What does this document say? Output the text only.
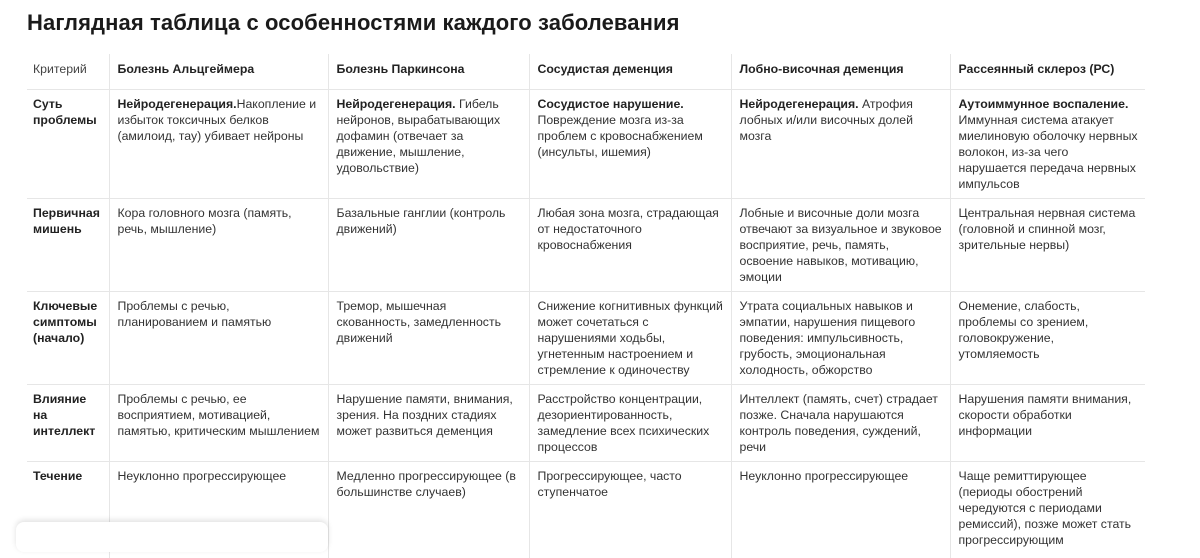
Наглядная таблица с особенностями каждого заболевания
Критерий	Болезнь Альцгеймера	Болезнь Паркинсона	Сосудистая деменция	Лобно-височная деменция	Рассеянный склероз (РС)
Суть проблемы	Нейродегенерация.Накопление и избыток токсичных белков (амилоид, тау) убивает нейроны	Нейродегенерация. Гибель нейронов, вырабатывающих дофамин (отвечает за движение, мышление, удовольствие)	Сосудистое нарушение. Повреждение мозга из-за проблем с кровоснабжением (инсульты, ишемия)	Нейродегенерация. Атрофия лобных и/или височных долей мозга	Аутоиммунное воспаление. Иммунная система атакует миелиновую оболочку нервных волокон, из-за чего нарушается передача нервных импульсов
Первичная мишень	Кора головного мозга (память, речь, мышление)	Базальные ганглии (контроль движений)	Любая зона мозга, страдающая от недостаточного кровоснабжения	Лобные и височные доли мозга отвечают за визуальное и звуковое восприятие, речь, память, освоение навыков, мотивацию, эмоции	Центральная нервная система (головной и спинной мозг, зрительные нервы)
Ключевые симптомы (начало)	Проблемы с речью, планированием и памятью	Тремор, мышечная скованность, замедленность движений	Снижение когнитивных функций может сочетаться с нарушениями ходьбы, угнетенным настроением и стремление к одиночеству	Утрата социальных навыков и эмпатии, нарушения пищевого поведения: импульсивность, грубость, эмоциональная холодность, обжорство	Онемение, слабость, проблемы со зрением, головокружение, утомляемость
Влияние на интеллект	Проблемы с речью, ее восприятием, мотивацией, памятью, критическим мышлением	Нарушение памяти, внимания, зрения. На поздних стадиях может развиться деменция	Расстройство концентрации, дезориентированность, замедление всех психических процессов	Интеллект (память, счет) страдает позже. Сначала нарушаются контроль поведения, суждений, речи	Нарушения памяти внимания, скорости обработки информации
Течение	Неуклонно прогрессирующее	Медленно прогрессирующее (в большинстве случаев)	Прогрессирующее, часто ступенчатое	Неуклонно прогрессирующее	Чаще ремиттирующее (периоды обострений чередуются с периодами ремиссий), позже может стать прогрессирующим
